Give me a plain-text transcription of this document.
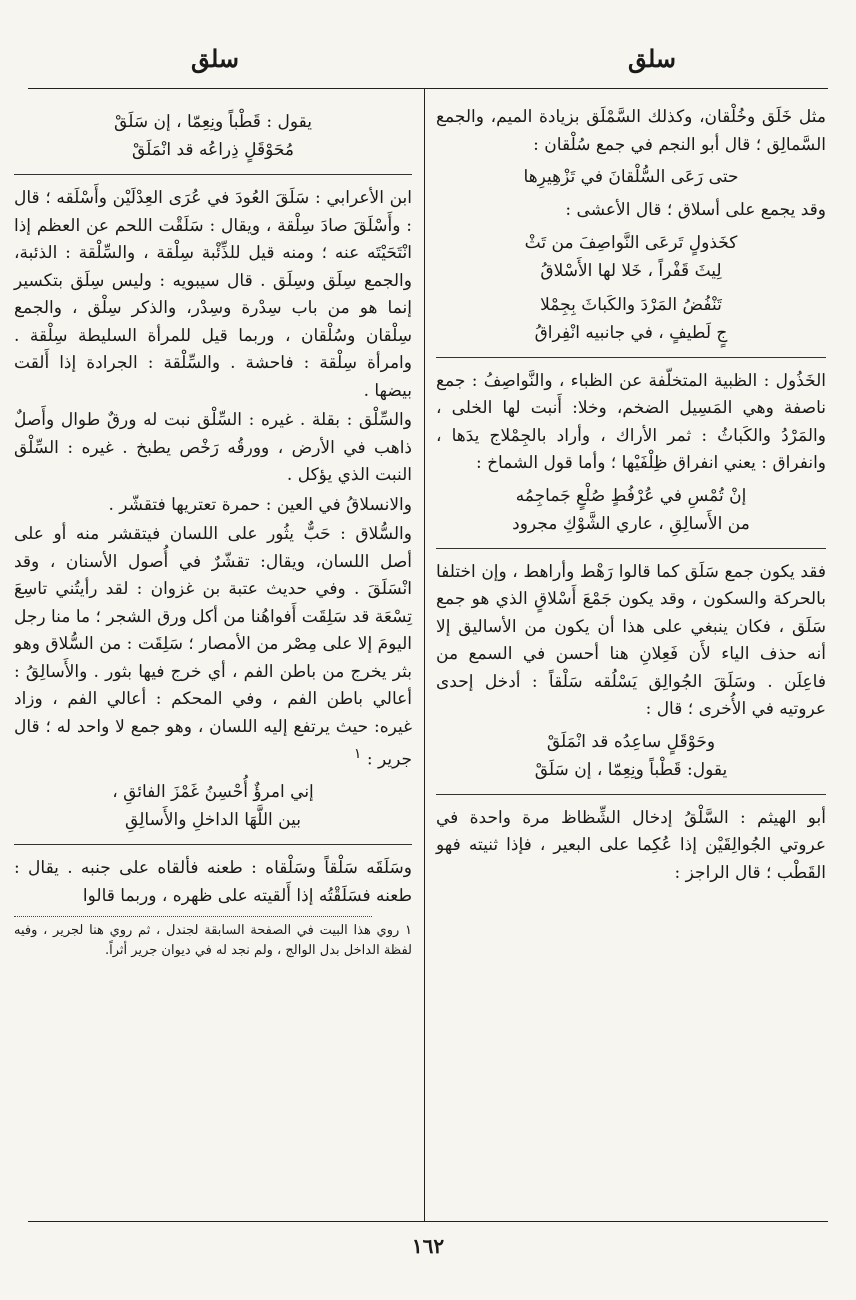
سلق
سلق

مثل خَلَق وخُلْقان، وكذلك السَّمْلَق بزيادة الميم، والجمع السَّمالِق ؛ قال أبو النجم في جمع سُلْقان :

حتى رَعَى السُّلْقانَ في تَزْهِيرِها

وقد يجمع على أسلاق ؛ قال الأعشى :

كخَذولٍ تَرعَى النَّواصِفَ من تَثْ
لِيثَ قَفْراً ، خَلا لها الأَسْلاقُ
تَنْفُضُ المَرْدَ والكَباثَ بِجِمْلا
جٍ لَطيفٍ ، في جانبيه انْفِراقُ

الخَذُول : الظبية المتخلّفة عن الظباء ، والنَّواصِفُ : جمع ناصفة وهي المَسِيل الضخم، وخلا: أَنبت لها الخلى ، والمَرْدُ والكَباثُ : ثمر الأراك ، وأراد بالجِمْلاج يدَها ، وانفراق : يعني انفراق ظِلْفَيْها ؛ وأما قول الشماخ :

إنْ تُمْسِ في عُرْفُطٍ صُلْعٍ جَماجِمُه
من الأَسالِقِ ، عاري الشَّوْكِ مجرود

فقد يكون جمع سَلَق كما قالوا رَهْط وأراهط ، وإن اختلفا بالحركة والسكون ، وقد يكون جَمْعَ أَسْلاقٍ الذي هو جمع سَلَق ، فكان ينبغي على هذا أن يكون من الأساليق إلا أنه حذف الياء لأَن فَعِلانِ هنا أحسن في السمع من فاعِلَن . وسَلَقَ الجُوالِق يَسْلُقه سَلْقاً : أدخل إحدى عروتيه في الأُخرى ؛ قال :

وحَوْقَلٍ ساعِدُه قد انْمَلَقْ
يقول: قَطْباً ونِعِمّا ، إن سَلَقْ

أبو الهيثم : السَّلْقُ إدخال الشِّظاظ مرة واحدة في عروتي الجُوالِقَيْن إذا عُكِما على البعير ، فإذا ثنيته فهو القَطْب ؛ قال الراجز :

يقول : قَطْباً ونِعِمّا ، إن سَلَقْ
مُحَوْقَلٍ ذِراعُه قد انْمَلَقْ

ابن الأعرابي : سَلَقَ العُودَ في عُرَى العِدْلَيْن وأَسْلَقه ؛ قال : وأَسْلَقَ صادَ سِلْقة ، ويقال : سَلَقْت اللحم عن العظم إذا انْتَحَيْتَه عنه ؛ ومنه قيل للذِّئْبة سِلْقة ، والسِّلْقة : الذئبة، والجمع سِلَق وسِلَق . قال سيبويه : وليس سِلَق بتكسير إنما هو من باب سِدْرة وسِدْر، والذكر سِلْق ، والجمع سِلْقان وسُلْقان ، وربما قيل للمرأة السليطة سِلْقة . وامرأة سِلْقة : فاحشة . والسِّلْقة : الجرادة إذا أَلقت بيضها .

والسِّلْق : بقلة . غيره : السِّلْق نبت له ورقٌ طوال وأَصلٌ ذاهب في الأرض ، وورقُه رَخْص يطبخ . غيره : السِّلْق النبت الذي يؤكل .

والانسلاقُ في العين : حمرة تعتريها فتقشّر .

والسُّلاق : حَبٌّ يثُور على اللسان فيتقشر منه أو على أصل اللسان، ويقال: تقشّرٌ في أُصول الأسنان ، وقد انْسَلَقَ . وفي حديث عتبة بن غزوان : لقد رأيتُني تاسِعَ تِسْعَة قد سَلِقَت أَفواهُنا من أكل ورق الشجر ؛ ما منا رجل اليومَ إلا على مِصْر من الأمصار ؛ سَلِقَت : من السُّلاق وهو بثر يخرج من باطن الفم ، أي خرج فيها بثور . والأَسالِقُ : أعالي باطن الفم ، وفي المحكم : أعالي الفم ، وزاد غيره: حيث يرتفع إليه اللسان ، وهو جمع لا واحد له ؛ قال جرير : $^١$

إني امرؤٌ أُحْسِنُ غَمْزَ الفائقِ ،
بين اللَّهَا الداخلِ والأَسالِقِ

وسَلَقَه سَلْقاً وسَلْقاه : طعنه فألقاه على جنبه . يقال : طعنه فسَلَقْتُه إذا أَلقيته على ظهره ، وربما قالوا

١ روي هذا البيت في الصفحة السابقة لجندل ، ثم روي هنا لجرير ، وفيه لفظة الداخل بدل الوالج ، ولم نجد له في ديوان جرير أثراً.
١٦٢
